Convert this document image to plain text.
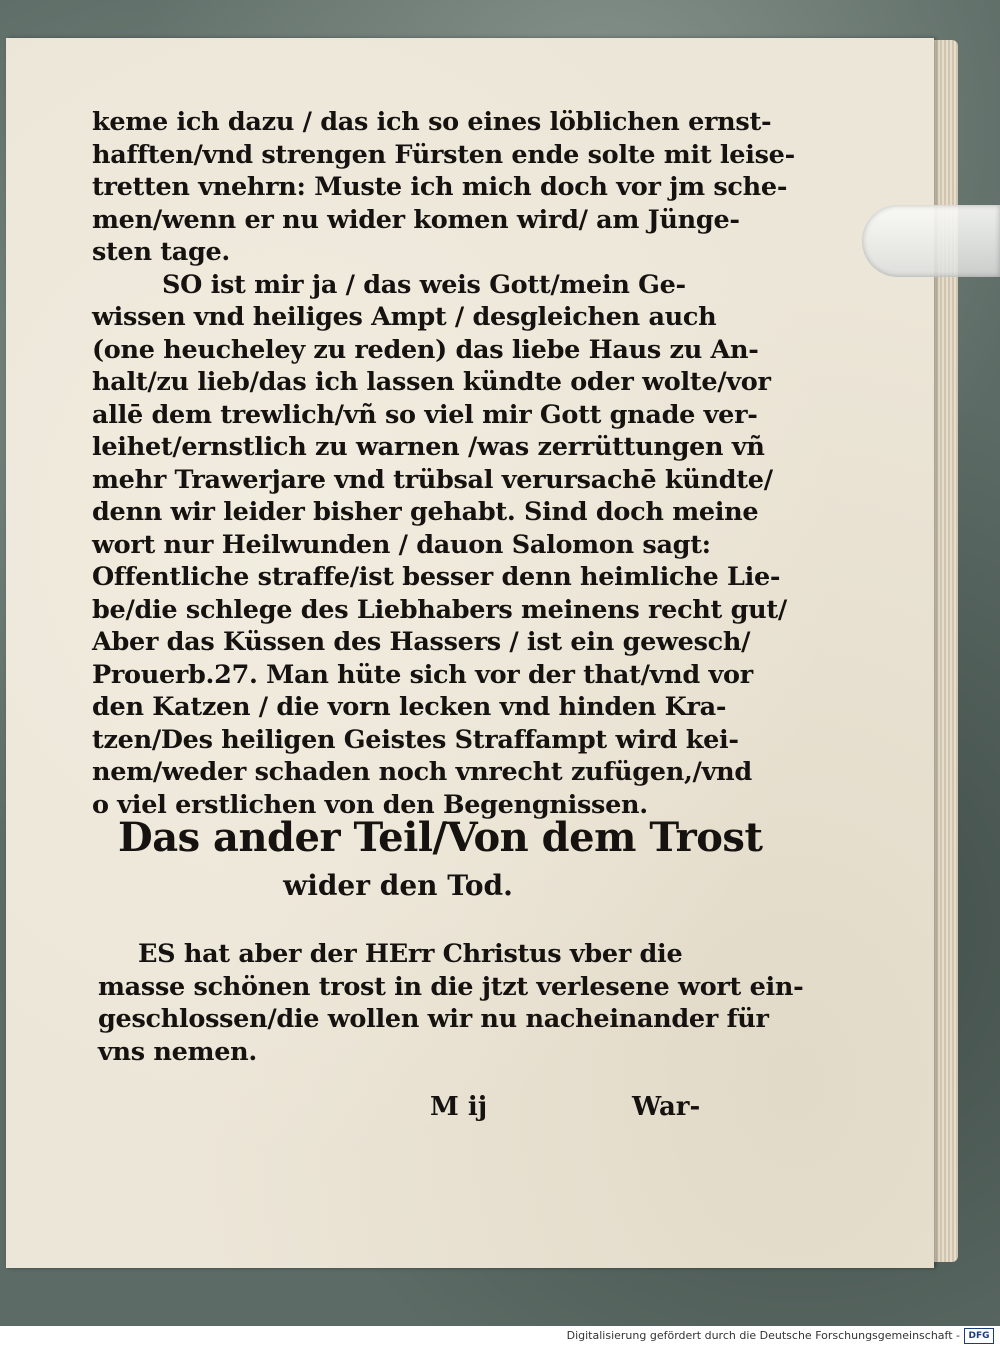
keme ich dazu / das ich so eines löblichen ernst-
hafften/vnd strengen Fürsten ende solte mit leise-
tretten vnehrn: Muste ich mich doch vor jm sche-
men/wenn er nu wider komen wird/ am Jünge-
sten tage.
SO ist mir ja / das weis Gott/mein Ge-
wissen vnd heiliges Ampt / desgleichen auch
(one heucheley zu reden) das liebe Haus zu An-
halt/zu lieb/das ich lassen kündte oder wolte/vor
allē dem trewlich/vñ so viel mir Gott gnade ver-
leihet/ernstlich zu warnen /was zerrüttungen vñ
mehr Trawerjare vnd trübsal verursachē kündte/
denn wir leider bisher gehabt. Sind doch meine
wort nur Heilwunden / dauon Salomon sagt:
Offentliche straffe/ist besser denn heimliche Lie-
be/die schlege des Liebhabers meinens recht gut/
Aber das Küssen des Hassers / ist ein gewesch/
Prouerb.27. Man hüte sich vor der that/vnd vor
den Katzen / die vorn lecken vnd hinden Kra-
tzen/Des heiligen Geistes Straffampt wird kei-
nem/weder schaden noch vnrecht zufügen,/vnd
o viel erstlichen von den Begengnissen.
Das ander Teil/Von dem Trost
wider den Tod.
ES hat aber der HErr Christus vber die
masse schönen trost in die jtzt verlesene wort ein-
geschlossen/die wollen wir nu nacheinander für
vns nemen.
M ij	War-
Digitalisierung gefördert durch die Deutsche Forschungsgemeinschaft - DFG
